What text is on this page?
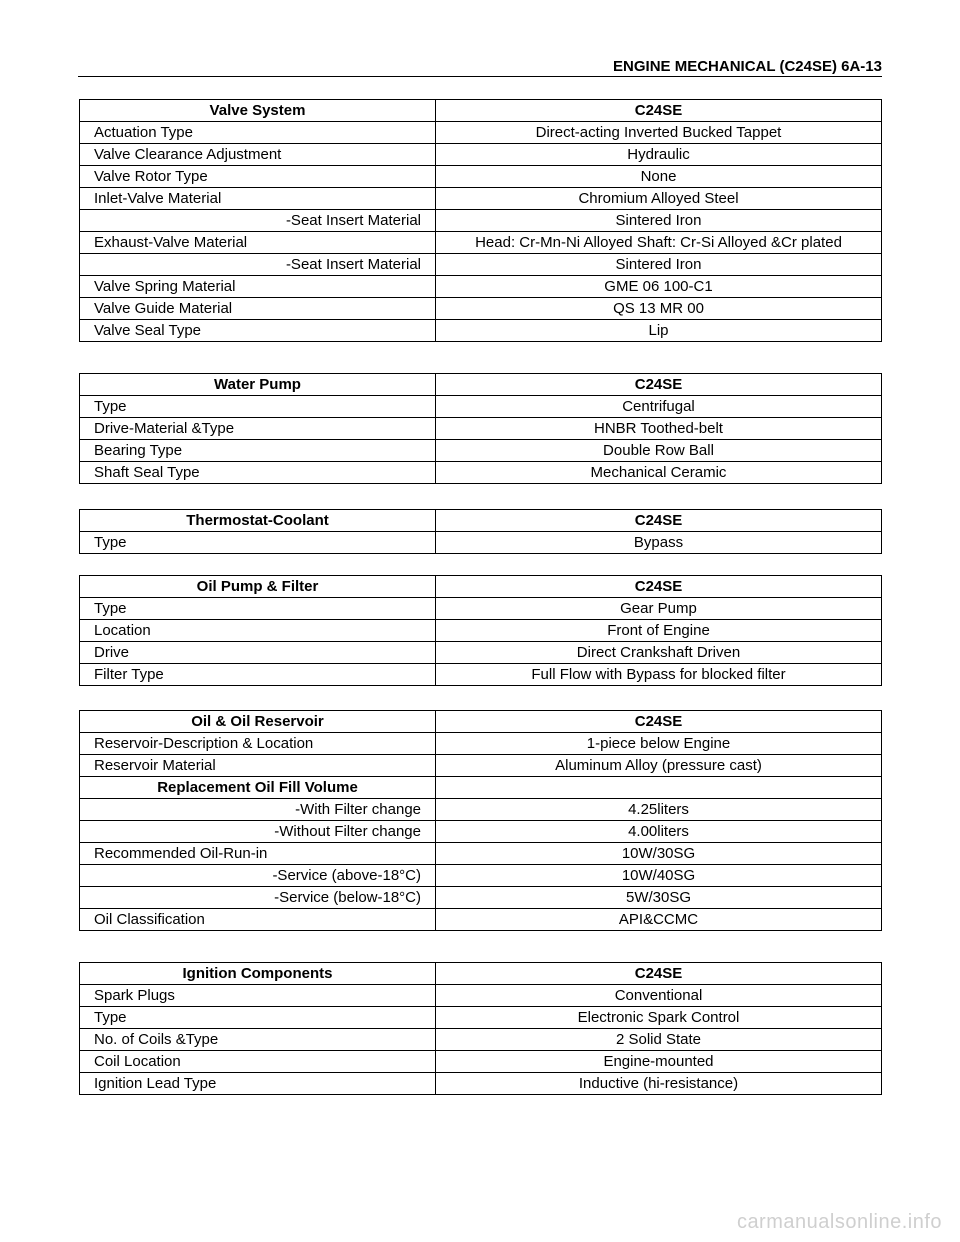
ENGINE MECHANICAL (C24SE) 6A-13
Valve System	C24SE
Actuation Type	Direct-acting Inverted Bucked Tappet
Valve Clearance Adjustment	Hydraulic
Valve Rotor Type	None
Inlet-Valve Material	Chromium Alloyed Steel
-Seat Insert Material	Sintered Iron
Exhaust-Valve Material	Head: Cr-Mn-Ni Alloyed Shaft: Cr-Si Alloyed &Cr plated
-Seat Insert Material	Sintered Iron
Valve Spring Material	GME 06 100-C1
Valve Guide Material	QS 13 MR 00
Valve Seal Type	Lip
Water Pump	C24SE
Type	Centrifugal
Drive-Material &Type	HNBR Toothed-belt
Bearing Type	Double Row Ball
Shaft Seal Type	Mechanical Ceramic
Thermostat-Coolant	C24SE
Type	Bypass
Oil Pump & Filter	C24SE
Type	Gear Pump
Location	Front of Engine
Drive	Direct Crankshaft Driven
Filter Type	Full Flow with Bypass for blocked filter
Oil & Oil Reservoir	C24SE
Reservoir-Description & Location	1-piece below Engine
Reservoir Material	Aluminum Alloy (pressure cast)
Replacement Oil Fill Volume	
-With Filter change	4.25liters
-Without Filter change	4.00liters
Recommended Oil-Run-in	10W/30SG
-Service (above-18°C)	10W/40SG
-Service (below-18°C)	5W/30SG
Oil Classification	API&CCMC
Ignition Components	C24SE
Spark Plugs	Conventional
Type	Electronic Spark Control
No. of Coils &Type	2 Solid State
Coil Location	Engine-mounted
Ignition Lead Type	Inductive (hi-resistance)
carmanualsonline.info
